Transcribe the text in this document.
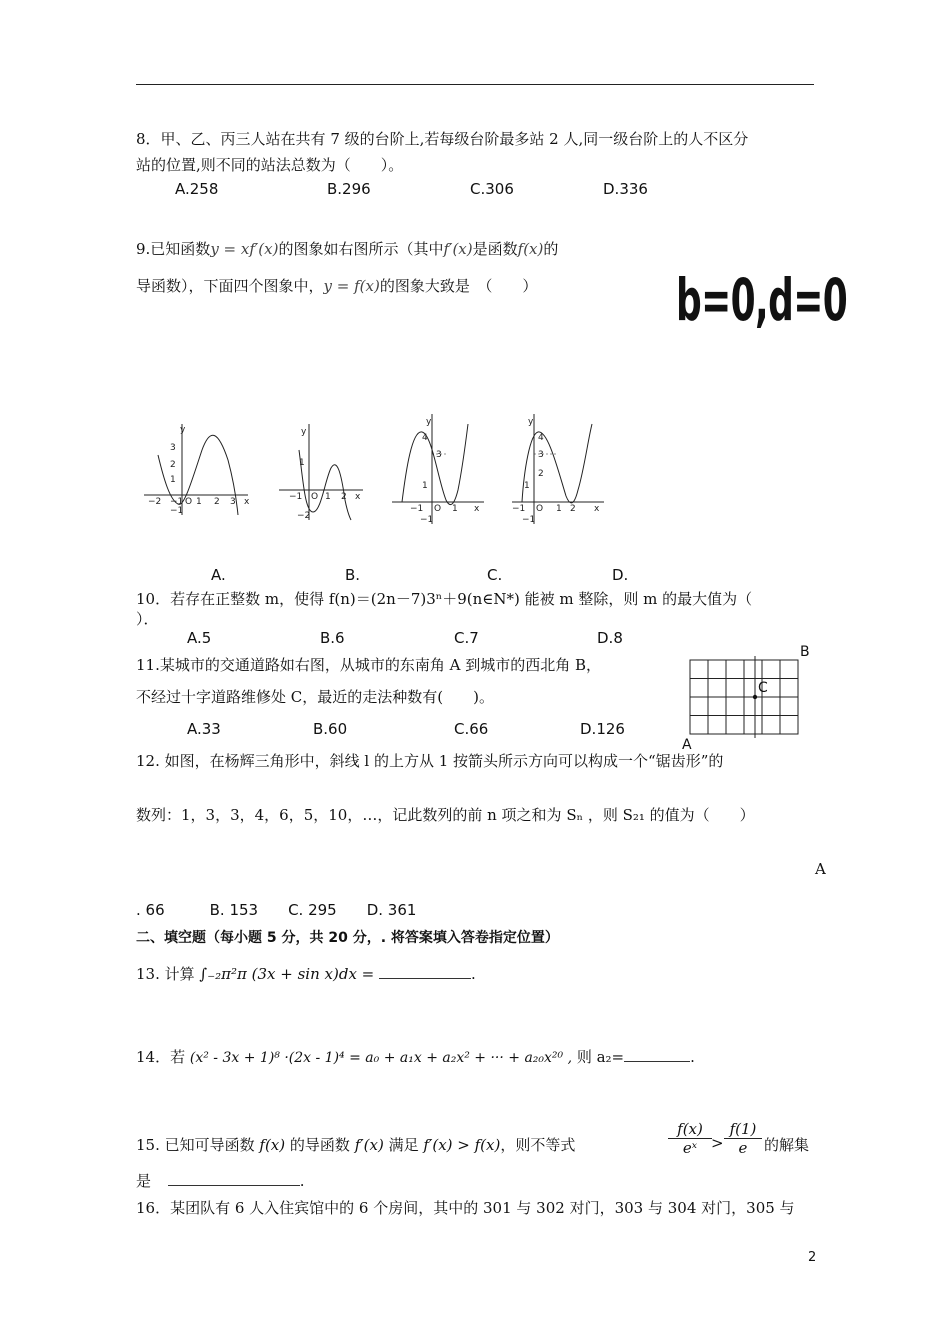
8．甲、乙、丙三人站在共有 7 级的台阶上,若每级台阶最多站 2 人,同一级台阶上的人不区分
站的位置,则不同的站法总数为（　　）。
A.258	B.296	C.306	D.336
9.已知函数y = xf′(x)的图象如右图所示（其中f′(x)是函数f(x)的
导函数），下面四个图象中，y = f(x)的图象大致是　（　　） b=0,d=0
y
3
2
1
−2 −1 O 1 2 3 x
−1
y
1
−1 O 1 2 x
−2
y
4
3
1
−1 O 1 x
−1
y
4
3
2
1
−1 O 1 2 x
−1
A.	B.	C.	D.
10．若存在正整数 m，使得 f(n)＝(2n－7)3ⁿ＋9(n∈N*) 能被 m 整除，则 m 的最大值为（
）．
A.5	B.6	C.7	D.8
11.某城市的交通道路如右图，从城市的东南角 A 到城市的西北角 B，
不经过十字道路维修处 C，最近的走法种数有(　　)。
A.33	B.60	C.66	D.126
B
C
A
12. 如图，在杨辉三角形中，斜线 l 的上方从 1 按箭头所示方向可以构成一个“锯齿形”的
数列：1，3，3，4，6，5，10，…，记此数列的前 n 项之和为 Sₙ ，则 S₂₁ 的值为（　　）
A
. 66　　　B. 153　　C. 295　　D. 361
二、填空题（每小题 5 分，共 20 分，. 将答案填入答卷指定位置）
13. 计算 ∫₋₂π²π (3x + sin x)dx =	.
14．若 (x² - 3x + 1)⁸ ·(2x - 1)⁴ = a₀ + a₁x + a₂x² + ··· + a₂₀x²⁰ , 则 a₂=	.
15. 已知可导函数 f(x) 的导函数 f′(x) 满足 f′(x) > f(x)，则不等式
f(x)
eˣ >
f(1)
e	的解集
是	.
16．某团队有 6 人入住宾馆中的 6 个房间，其中的 301 与 302 对门，303 与 304 对门，305 与
2
